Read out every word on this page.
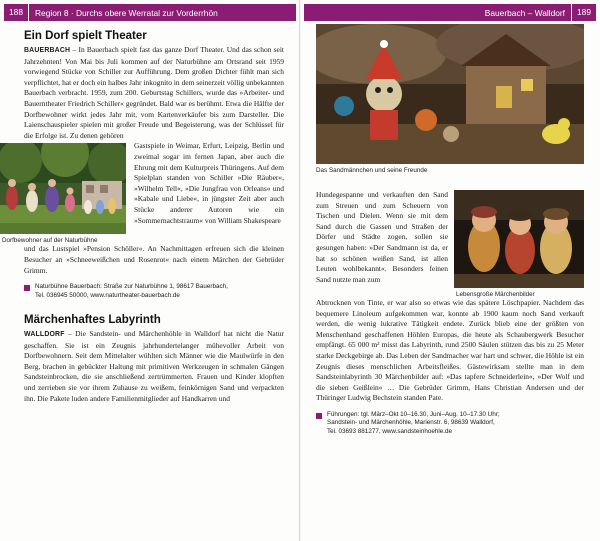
188	Region 8 · Durchs obere Werratal zur Vorderrhön	Bauerbach – Walldorf	189
Ein Dorf spielt Theater

BAUERBACH – In Bauerbach spielt fast das ganze Dorf Theater. Und das schon seit Jahrzehnten! Von Mai bis Juli kommen auf der Naturbühne am Ortsrand seit 1959 vorwiegend Stücke von Schiller zur Aufführung. Dem großen Dichter fühlt man sich verpflichtet, hat er doch ein halbes Jahr inkognito in dem seinerzeit völlig unbekannten Bauerbach verbracht. 1959, zum 200. Geburtstag Schillers, wurde das »Arbeiter- und Bauerntheater Friedrich Schiller« gegründet. Bald war es berühmt. Etwa die Hälfte der Dorfbewohner wirkt jedes Jahr mit, vom Kartenverkäufer bis zum Darsteller. Die Laienschauspieler spielen mit großer Freude und Begeisterung, was der Schlüssel für die Erfolge ist. Zu denen gehören

Dorfbewohner auf der Naturbühne

Gastspiele in Weimar, Erfurt, Leipzig, Berlin und zweimal sogar im fernen Japan, aber auch die Ehrung mit dem Kulturpreis Thüringens. Auf dem Spielplan standen von Schiller »Die Räuber«, »Wilhelm Tell«, »Die Jungfrau von Orleans« und »Kabale und Liebe«, in jüngster Zeit aber auch Stücke anderer Autoren wie ein »Sommernachtstraum« von William Shakespeare

und das Lustspiel »Pension Schöller«. An Nachmittagen erfreuen sich die kleinen Besucher an »Schneeweißchen und Rosenrot« nach einem Märchen der Gebrüder Grimm.

Naturbühne Bauerbach: Straße zur Naturbühne 1, 98617 Bauerbach,
Tel. 036945 50000, www.naturtheater-bauerbach.de
Märchenhaftes Labyrinth

WALLDORF – Die Sandstein- und Märchenhöhle in Walldorf hat nicht die Natur geschaffen. Sie ist ein Zeugnis jahrhundertelanger mühevoller Arbeit von Dorfbewohnern. Seit dem Mittelalter wühlten sich Männer wie die Maulwürfe in den Berg, brachen in gebückter Haltung mit primitiven Werkzeugen in schmalen Gängen Sandsteinbrocken, die sie anschließend zertrümmerten. Frauen und Kinder klopften und zerrieben sie vor ihrem Zuhause zu weißem, feinkörnigen Sand und verpackten ihn. Die Pakete luden andere Familienmitglieder auf Handkarren und

Das Sandmännchen und seine Freunde

Hundegespanne und verkauften den Sand zum Streuen und zum Scheuern von Tischen und Dielen. Wenn sie mit dem Sand durch die Gassen und Straßen der Dörfer und Städte zogen, sollen sie gesungen haben: »Der Sandmann ist da, er hat so schönen weißen Sand, ist allen Leuten wohlbekannt«. Besonders feinen Sand nutzte man zum

Lebensgroße Märchenbilder

Abtrocknen von Tinte, er war also so etwas wie das spätere Löschpapier. Nachdem das bequemere Linoleum aufgekommen war, konnte ab 1900 kaum noch Sand verkauft werden, die wenig lukrative Tätigkeit endete. Zurück blieb eine der größten von Menschenhand geschaffenen Höhlen Europas, die heute als Schaubergwerk Besucher empfängt. 65 000 m² misst das Labyrinth, rund 2500 Säulen stützen das bis zu 25 Meter starke Deckgebirge ab. Das Leben der Sandmacher war hart und schwer, die Höhle ist ein Zeugnis dieses menschlichen Arbeitsfleißes. Gästewirksam stellte man in dem Sandsteinlabyrinth 30 Märchenbilder auf: »Das tapfere Schneiderlein«, »Der Wolf und die sieben Geißlein« … Die Gebrüder Grimm, Hans Christian Andersen und der Thüringer Ludwig Bechstein standen Pate.

Führungen: tgl. März–Okt 10–16.30, Juni–Aug. 10–17.30 Uhr;
Sandstein- und Märchenhöhle, Marienstr. 6, 98639 Walldorf,
Tel. 03693 881277, www.sandsteinhoehle.de
